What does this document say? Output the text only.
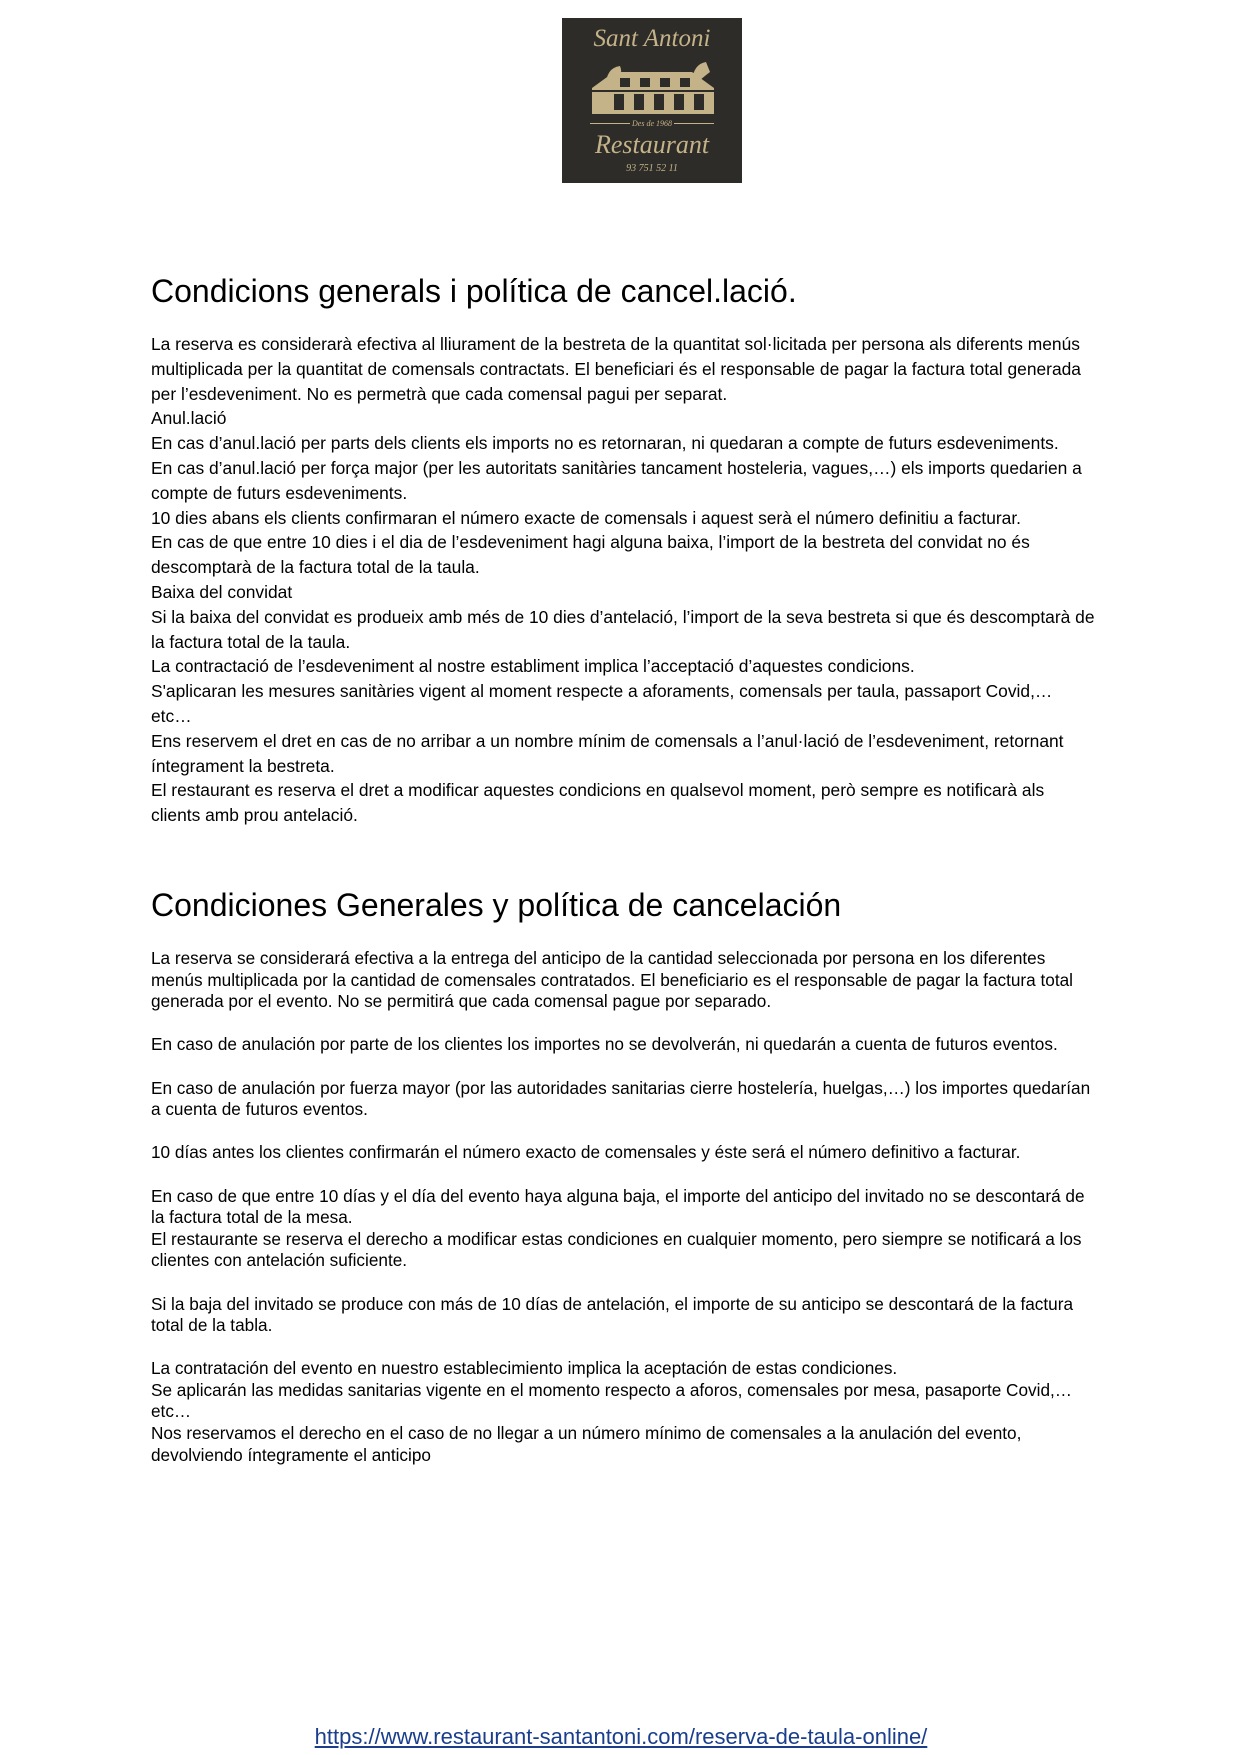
Sant Antoni
Des de 1968
Restaurant
93 751 52 11
Condicions generals i política de cancel.lació.

La reserva es considerarà efectiva al lliurament de la bestreta de la quantitat sol·licitada per persona als diferents menús multiplicada per la quantitat de comensals contractats. El beneficiari és el responsable de pagar la factura total generada per l’esdeveniment. No es permetrà que cada comensal pagui per separat.

Anul.lació

En cas d’anul.lació per parts dels clients els imports no es retornaran, ni quedaran a compte de futurs esdeveniments.

En cas d’anul.lació per força major (per les autoritats sanitàries tancament hosteleria, vagues,…) els imports quedarien a compte de futurs esdeveniments.

10 dies abans els clients confirmaran el número exacte de comensals i aquest serà el número definitiu a facturar.

En cas de que entre 10 dies i el dia de l’esdeveniment hagi alguna baixa, l’import de la bestreta del convidat no és descomptarà de la factura total de la taula.

Baixa del convidat

Si la baixa del convidat es produeix amb més de 10 dies d’antelació, l’import de la seva bestreta si que és descomptarà de la factura total de la taula.

La contractació de l’esdeveniment al nostre establiment implica l’acceptació d’aquestes condicions.

S'aplicaran les mesures sanitàries vigent al moment respecte a aforaments, comensals per taula, passaport Covid,… etc…

Ens reservem el dret en cas de no arribar a un nombre mínim de comensals a l’anul·lació de l’esdeveniment, retornant íntegrament la bestreta.

El restaurant es reserva el dret a modificar aquestes condicions en qualsevol moment, però sempre es notificarà als clients amb prou antelació.

Condiciones Generales y política de cancelación

La reserva se considerará efectiva a la entrega del anticipo de la cantidad seleccionada por persona en los diferentes menús multiplicada por la cantidad de comensales contratados. El beneficiario es el responsable de pagar la factura total generada por el evento. No se permitirá que cada comensal pague por separado.

En caso de anulación por parte de los clientes los importes no se devolverán, ni quedarán a cuenta de futuros eventos.

En caso de anulación por fuerza mayor (por las autoridades sanitarias cierre hostelería, huelgas,…) los importes quedarían a cuenta de futuros eventos.

10 días antes los clientes confirmarán el número exacto de comensales y éste será el número definitivo a facturar.

En caso de que entre 10 días y el día del evento haya alguna baja, el importe del anticipo del invitado no se descontará de la factura total de la mesa.

El restaurante se reserva el derecho a modificar estas condiciones en cualquier momento, pero siempre se notificará a los clientes con antelación suficiente.

Si la baja del invitado se produce con más de 10 días de antelación, el importe de su anticipo se descontará de la factura total de la tabla.

La contratación del evento en nuestro establecimiento implica la aceptación de estas condiciones.

Se aplicarán las medidas sanitarias vigente en el momento respecto a aforos, comensales por mesa, pasaporte Covid,… etc…

Nos reservamos el derecho en el caso de no llegar a un número mínimo de comensales a la anulación del evento, devolviendo íntegramente el anticipo

https://www.restaurant-santantoni.com/reserva-de-taula-online/
